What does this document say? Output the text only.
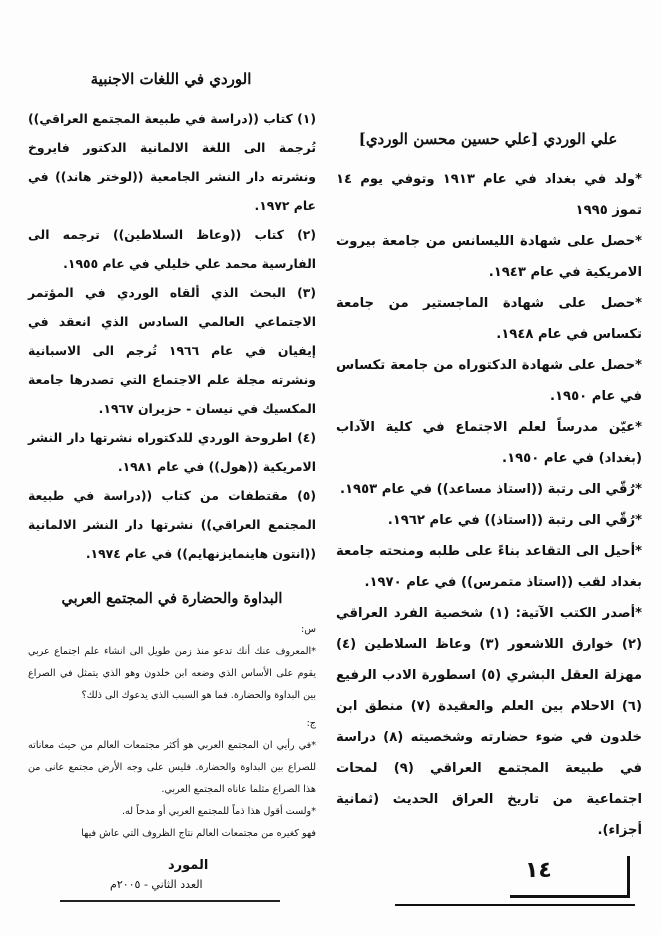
علي الوردي [علي حسين محسن الوردي]

*ولد في بغداد في عام ١٩١٣ وتوفي يوم ١٤ تموز ١٩٩٥

*حصل على شهادة الليسانس من جامعة بيروت الامريكية في عام ١٩٤٣.

*حصل على شهادة الماجستير من جامعة تكساس في عام ١٩٤٨.

*حصل على شهادة الدكتوراه من جامعة تكساس في عام ١٩٥٠.

*عيّن مدرساً لعلم الاجتماع في كلية الآداب (بغداد) في عام ١٩٥٠.

*رُقّي الى رتبة ((استاذ مساعد)) في عام ١٩٥٣.

*رُقّي الى رتبة ((استاذ)) في عام ١٩٦٢.

*أحيل الى التقاعد بناءً على طلبه ومنحته جامعة بغداد لقب ((استاذ متمرس)) في عام ١٩٧٠.

*أصدر الكتب الآتية: (١) شخصية الفرد العراقي (٢) خوارق اللاشعور (٣) وعاظ السلاطين (٤) مهزلة العقل البشري (٥) اسطورة الادب الرفيع (٦) الاحلام بين العلم والعقيدة (٧) منطق ابن خلدون في ضوء حضارته وشخصيته (٨) دراسة في طبيعة المجتمع العراقي (٩) لمحات اجتماعية من تاريخ العراق الحديث (ثمانية أجزاء).

الوردي في اللغات الاجنبية

(١) كتاب ((دراسة في طبيعة المجتمع العراقي)) تُرجمة الى اللغة الالمانية الدكتور فايروخ ونشرته دار النشر الجامعية ((لوختر هاند)) في عام ١٩٧٢.

(٢) كتاب ((وعاظ السلاطين)) ترجمه الى الفارسية محمد علي خليلي في عام ١٩٥٥.

(٣) البحث الذي ألقاه الوردي في المؤتمر الاجتماعي العالمي السادس الذي انعقد في إيفيان في عام ١٩٦٦ تُرجم الى الاسبانية ونشرته مجلة علم الاجتماع التي تصدرها جامعة المكسيك في نيسان - حزيران ١٩٦٧.

(٤) اطروحة الوردي للدكتوراه نشرتها دار النشر الامريكية ((هول)) في عام ١٩٨١.

(٥) مقتطفات من كتاب ((دراسة في طبيعة المجتمع العراقي)) نشرتها دار النشر الالمانية ((انتون هاينمايزنهايم)) في عام ١٩٧٤.

البداوة والحضارة في المجتمع العربي

س:

*المعروف عنك أنك تدعو منذ زمن طويل الى انشاء علم اجتماع عربي يقوم على الأساس الذي وضعه ابن خلدون وهو الذي يتمثل في الصراع بين البداوة والحضارة. فما هو السبب الذي يدعوك الى ذلك؟

ج:

*في رأيي ان المجتمع العربي هو أكثر مجتمعات العالم من حيث معاناته للصراع بين البداوة والحضارة. فليس على وجه الأرض مجتمع عانى من هذا الصراع مثلما عاناه المجتمع العربي.

*ولست أقول هذا ذماً للمجتمع العربي أو مدحاً له.

فهو كغيره من مجتمعات العالم نتاج الظروف التي عاش فيها

المورد
العدد الثاني - ٢٠٠٥م
١٤
